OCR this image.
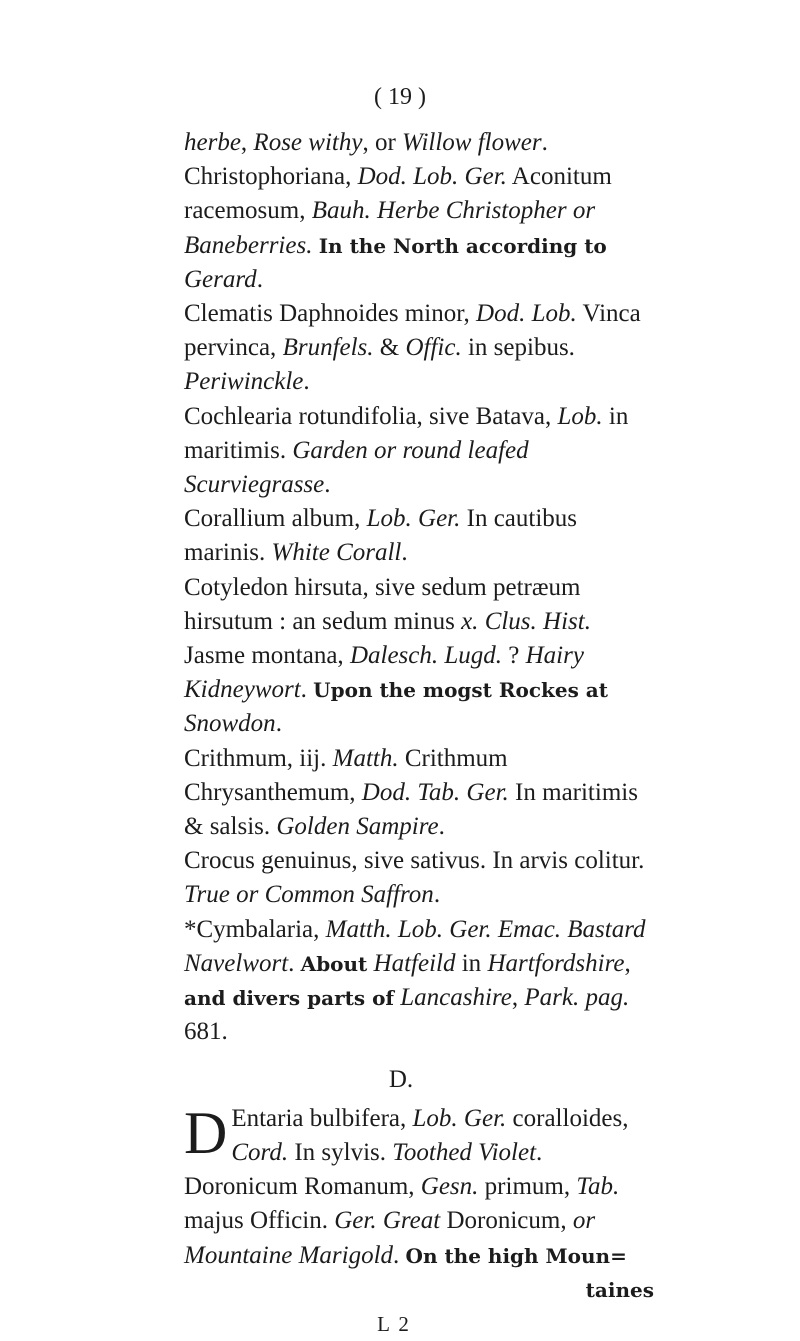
( 19 )

herbe, Rose withy, or Willow flower.

Christophoriana, Dod. Lob. Ger. Aconitum racemosum, Bauh. Herbe Christopher or Baneberries. In the North according to Gerard.

Clematis Daphnoides minor, Dod. Lob. Vinca pervinca, Brunfels. & Offic. in sepibus. Periwinckle.

Cochlearia rotundifolia, sive Batava, Lob. in maritimis. Garden or round leafed Scurviegrasse.

Corallium album, Lob. Ger. In cautibus marinis. White Corall.

Cotyledon hirsuta, sive sedum petræum hirsutum : an sedum minus x. Clus. Hist. Jasme montana, Dalesch. Lugd. ? Hairy Kidneywort. Upon the mogst Rockes at Snowdon.

Crithmum, iij. Matth. Crithmum Chrysanthemum, Dod. Tab. Ger. In maritimis & salsis. Golden Sampire.

Crocus genuinus, sive sativus. In arvis colitur. True or Common Saffron.

*Cymbalaria, Matth. Lob. Ger. Emac. Bastard Navelwort. About Hatfeild in Hartfordshire, and divers parts of Lancashire, Park. pag. 681.

D.

D Entaria bulbifera, Lob. Ger. coralloides, Cord. In sylvis. Toothed Violet.

Doronicum Romanum, Gesn. primum, Tab. majus Officin. Ger. Great Doronicum, or Mountaine Marigold. On the high Moun=

taines

L 2
